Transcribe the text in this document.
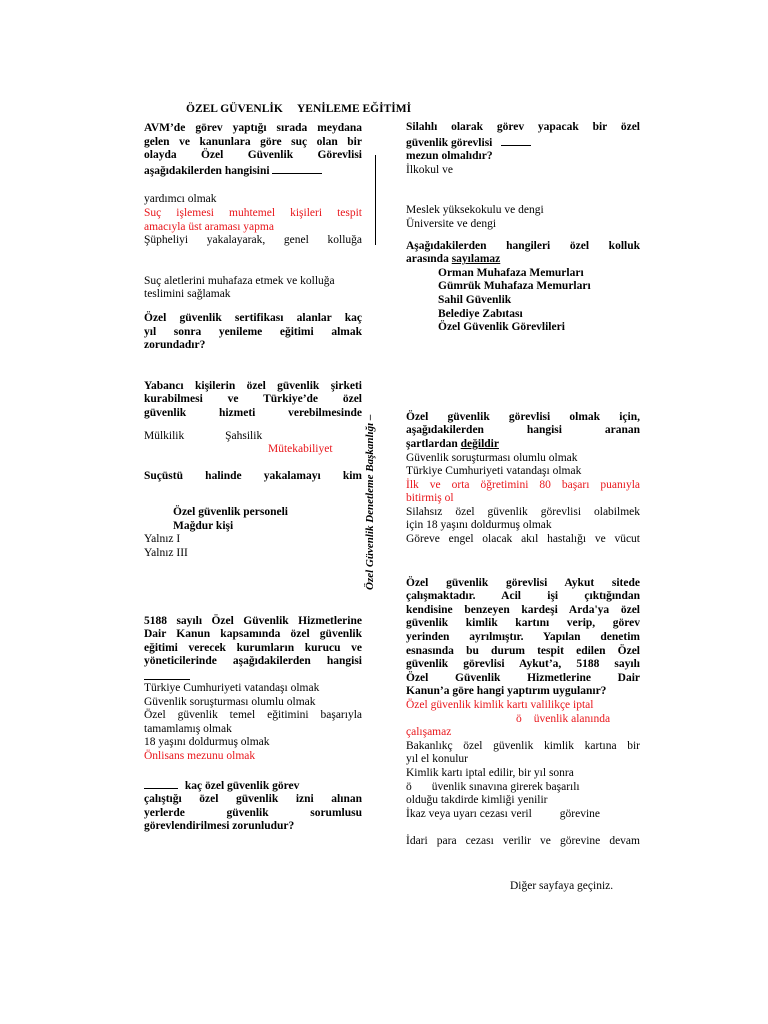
ÖZEL GÜVENLİK YENİLEME EĞİTİMİ
Özel Güvenlik Denetleme Başkanlığı –

AVM’de görev yaptığı sırada meydana

gelen ve kanunlara göre suç olan bir

olayda Özel Güvenlik Görevlisi

aşağıdakilerden hangisini

yardımcı olmak

Suç işlemesi muhtemel kişileri tespit

amacıyla üst araması yapma

Şüpheliyi yakalayarak, genel kolluğa

Suç aletlerini muhafaza etmek ve kolluğa

teslimini sağlamak

Özel güvenlik sertifikası alanlar kaç

yıl sonra yenileme eğitimi almak

zorundadır?

Yabancı kişilerin özel güvenlik şirketi

kurabilmesi ve Türkiye’de özel

güvenlik hizmeti verebilmesinde

Mülkilik	Şahsilik

Mütekabiliyet

Suçüstü halinde yakalamayı kim

Özel güvenlik personeli

Mağdur kişi

Yalnız I

Yalnız III

5188 sayılı Özel Güvenlik Hizmetlerine

Dair Kanun kapsamında özel güvenlik

eğitimi verecek kurumların kurucu ve

yöneticilerinde aşağıdakilerden hangisi

Türkiye Cumhuriyeti vatandaşı olmak

Güvenlik soruşturması olumlu olmak

Özel güvenlik temel eğitimini başarıyla

tamamlamış olmak

18 yaşını doldurmuş olmak

Önlisans mezunu olmak

kaç özel güvenlik görev

çalıştığı özel güvenlik izni alınan

yerlerde güvenlik sorumlusu

görevlendirilmesi zorunludur?

Silahlı olarak görev yapacak bir özel

güvenlik görevlisi

mezun olmalıdır?

İlkokul ve

Meslek yüksekokulu ve dengi

Üniversite ve dengi

Aşağıdakilerden hangileri özel kolluk

arasında sayılamaz

Orman Muhafaza Memurları

Gümrük Muhafaza Memurları

Sahil Güvenlik

Belediye Zabıtası

Özel Güvenlik Görevlileri

Özel güvenlik görevlisi olmak için,

aşağıdakilerden hangisi aranan

şartlardan değildir

Güvenlik soruşturması olumlu olmak

Türkiye Cumhuriyeti vatandaşı olmak

İlk ve orta öğretimini 80 başarı puanıyla

bitirmiş ol

Silahsız özel güvenlik görevlisi olabilmek

için 18 yaşını doldurmuş olmak

Göreve engel olacak akıl hastalığı ve vücut

Özel güvenlik görevlisi Aykut sitede

çalışmaktadır. Acil işi çıktığından

kendisine benzeyen kardeşi Arda'ya özel

güvenlik kimlik kartını verip, görev

yerinden ayrılmıştır. Yapılan denetim

esnasında bu durum tespit edilen Özel

güvenlik görevlisi Aykut’a, 5188 sayılı

Özel Güvenlik Hizmetlerine Dair

Kanun’a göre hangi yaptırım uygulanır?

Özel güvenlik kimlik kartı valilikçe iptal

ö üvenlik alanında

çalışamaz

Bakanlıkç özel güvenlik kimlik kartına bir

yıl el konulur

Kimlik kartı iptal edilir, bir yıl sonra

ö üvenlik sınavına girerek başarılı

olduğu takdirde kimliği yenilir

İkaz veya uyarı cezası veril görevine

İdari para cezası verilir ve görevine devam

Diğer sayfaya geçiniz.
